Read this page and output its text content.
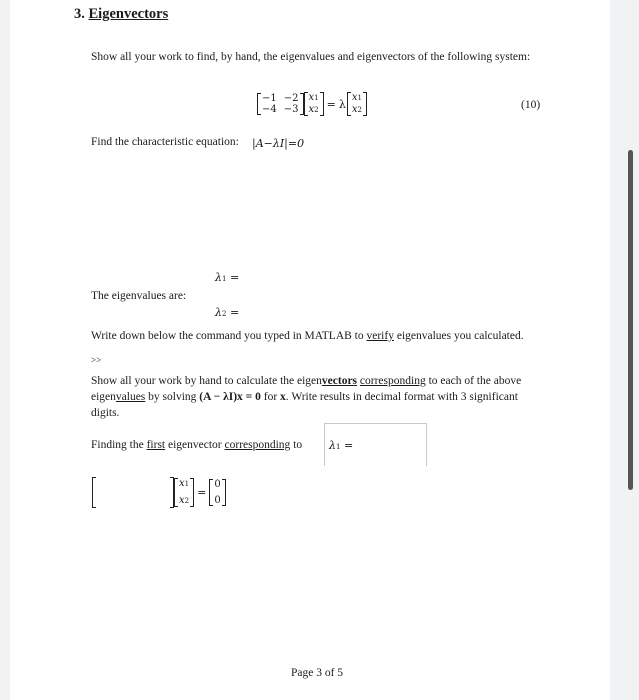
3. Eigenvectors
Show all your work to find, by hand, the eigenvalues and eigenvectors of the following system:
−1 −2
−4 −3
x1
x2 = λ x1
x2	(10)
Find the characteristic equation: |A−λI|=0
λ1 =
The eigenvalues are:
λ2 =
Write down below the command you typed in MATLAB to verify eigenvalues you calculated.
>>
Show all your work by hand to calculate the eigenvectors corresponding to each of the above
eigenvalues by solving (A − λI)x = 0 for x. Write results in decimal format with 3 significant
digits.
Finding the first eigenvector corresponding to λ1 =
x1
x2
=
0
0
Page 3 of 5
